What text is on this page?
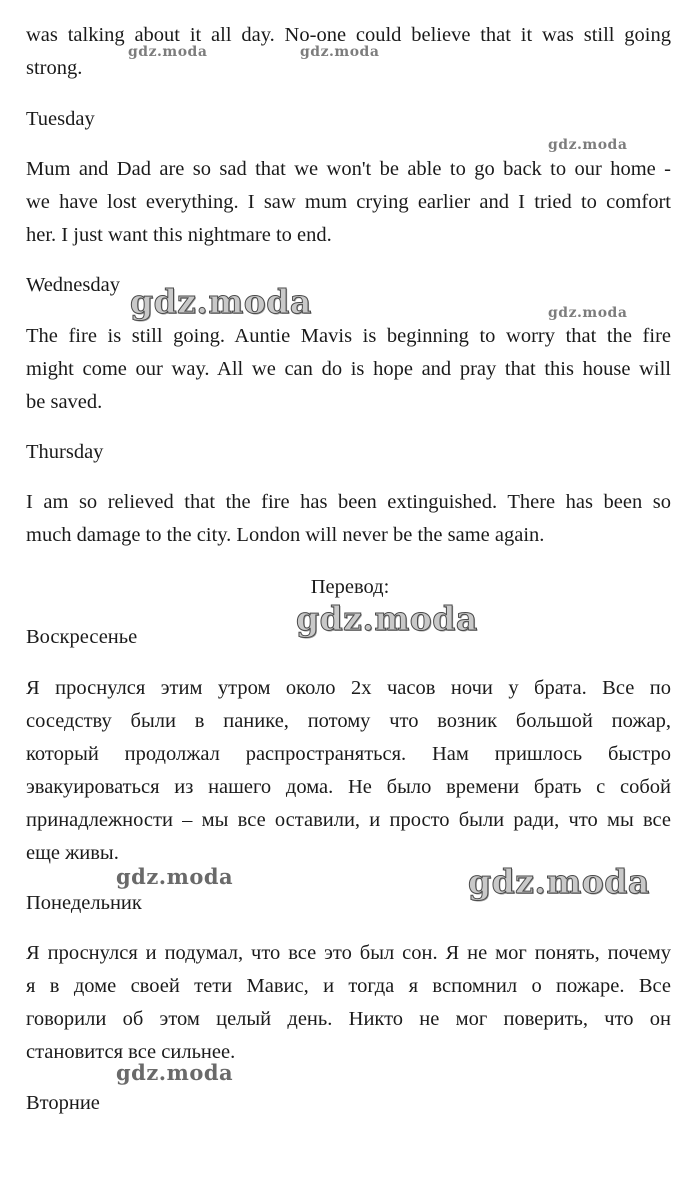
was talking about it all day. No-one could believe that it was still going
strong.
Tuesday
Mum and Dad are so sad that we won't be able to go back to our home -
we have lost everything. I saw mum crying earlier and I tried to comfort
her. I just want this nightmare to end.
Wednesday
The fire is still going. Auntie Mavis is beginning to worry that the fire
might come our way. All we can do is hope and pray that this house will
be saved.
Thursday
I am so relieved that the fire has been extinguished. There has been so
much damage to the city. London will never be the same again.
Перевод:
Воскресенье
Я проснулся этим утром около 2х часов ночи у брата. Все по
соседству были в панике, потому что возник большой пожар,
который продолжал распространяться. Нам пришлось быстро
эвакуироваться из нашего дома. Не было времени брать с собой
принадлежности – мы все оставили, и просто были ради, что мы все
еще живы.
Понедельник
Я проснулся и подумал, что все это был сон. Я не мог понять, почему
я в доме своей тети Мавис, и тогда я вспомнил о пожаре. Все
говорили об этом целый день. Никто не мог поверить, что он
становится все сильнее.
Вторние
gdz.moda	gdz.moda
gdz.moda
gdz.moda	gdz.moda
gdz.moda
gdz.moda	gdz.moda
gdz.moda
